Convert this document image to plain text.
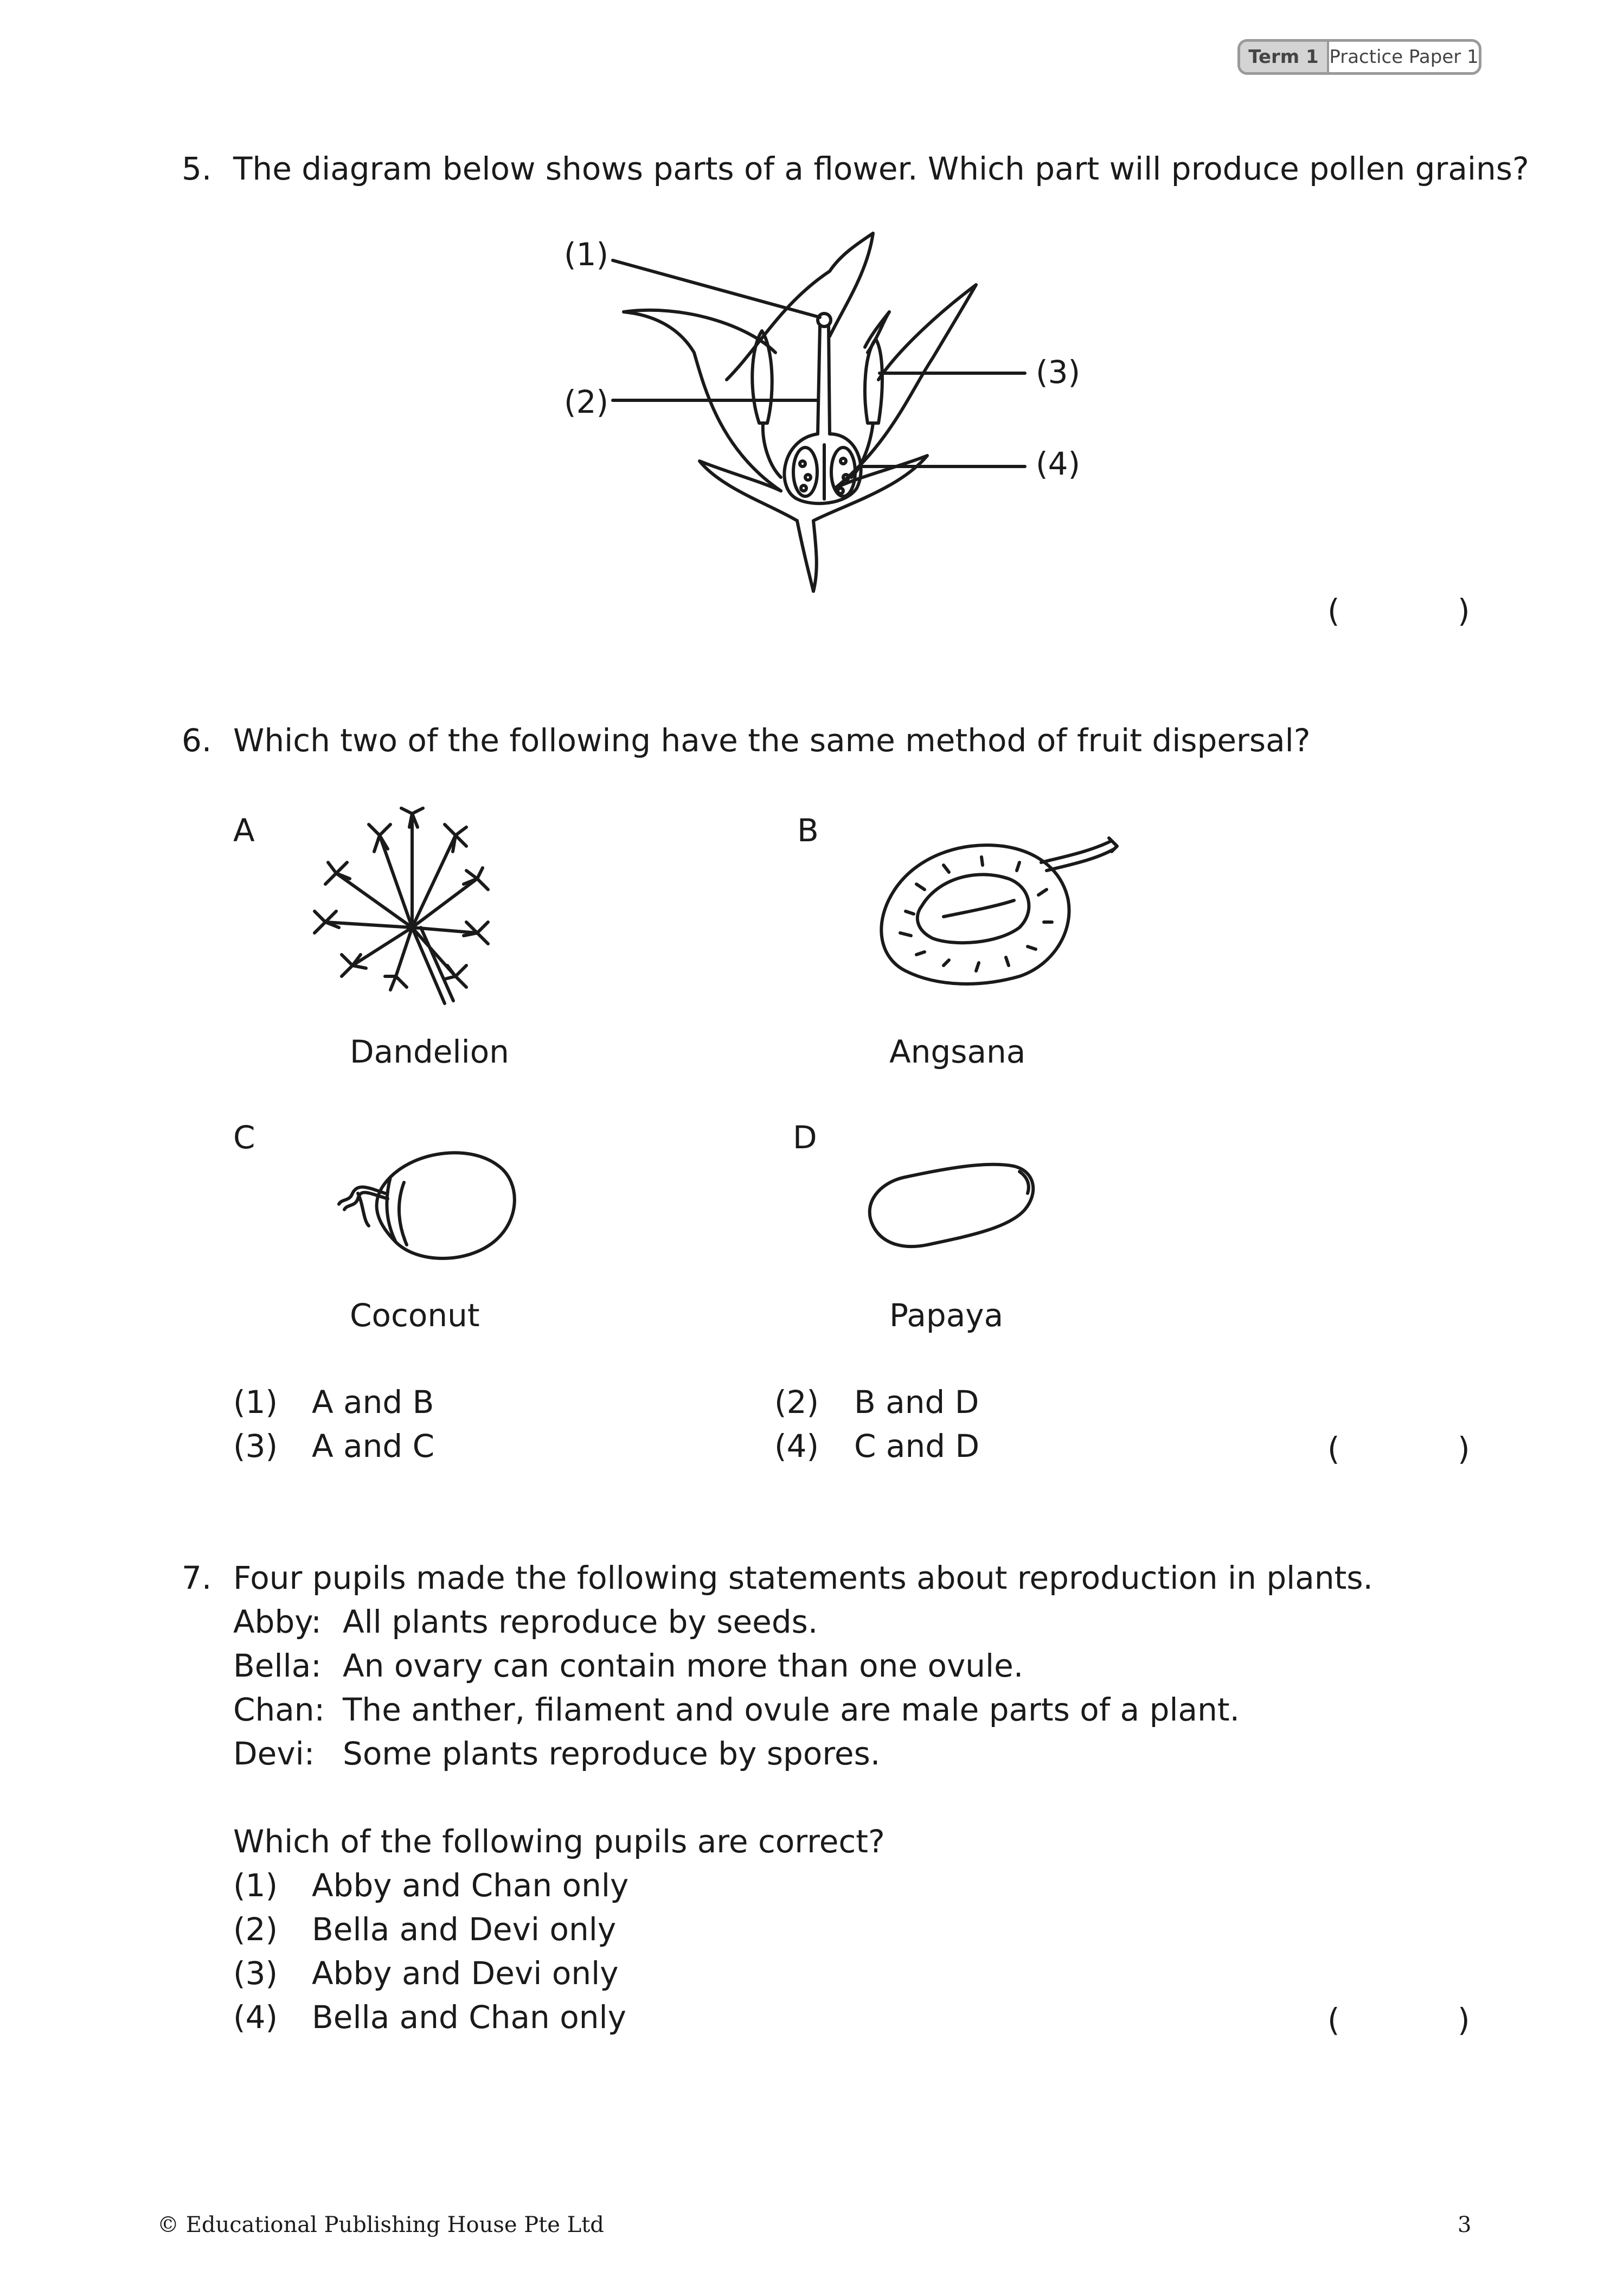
Term 1 Practice Paper 1
5. The diagram below shows parts of a flower. Which part will produce pollen grains?
(1)
(2)
(3)
(4)
(	)
6. Which two of the following have the same method of fruit dispersal?
A	B
C	D
Dandelion	Angsana
Coconut	Papaya
(1) A and B	(2) B and D
(3) A and C	(4) C and D	(	)
7. Four pupils made the following statements about reproduction in plants.
Abby: All plants reproduce by seeds.
Bella: An ovary can contain more than one ovule.
Chan: The anther, filament and ovule are male parts of a plant.
Devi: Some plants reproduce by spores.
Which of the following pupils are correct?
(1) Abby and Chan only
(2) Bella and Devi only
(3) Abby and Devi only
(4) Bella and Chan only	(	)
© Educational Publishing House Pte Ltd	3
